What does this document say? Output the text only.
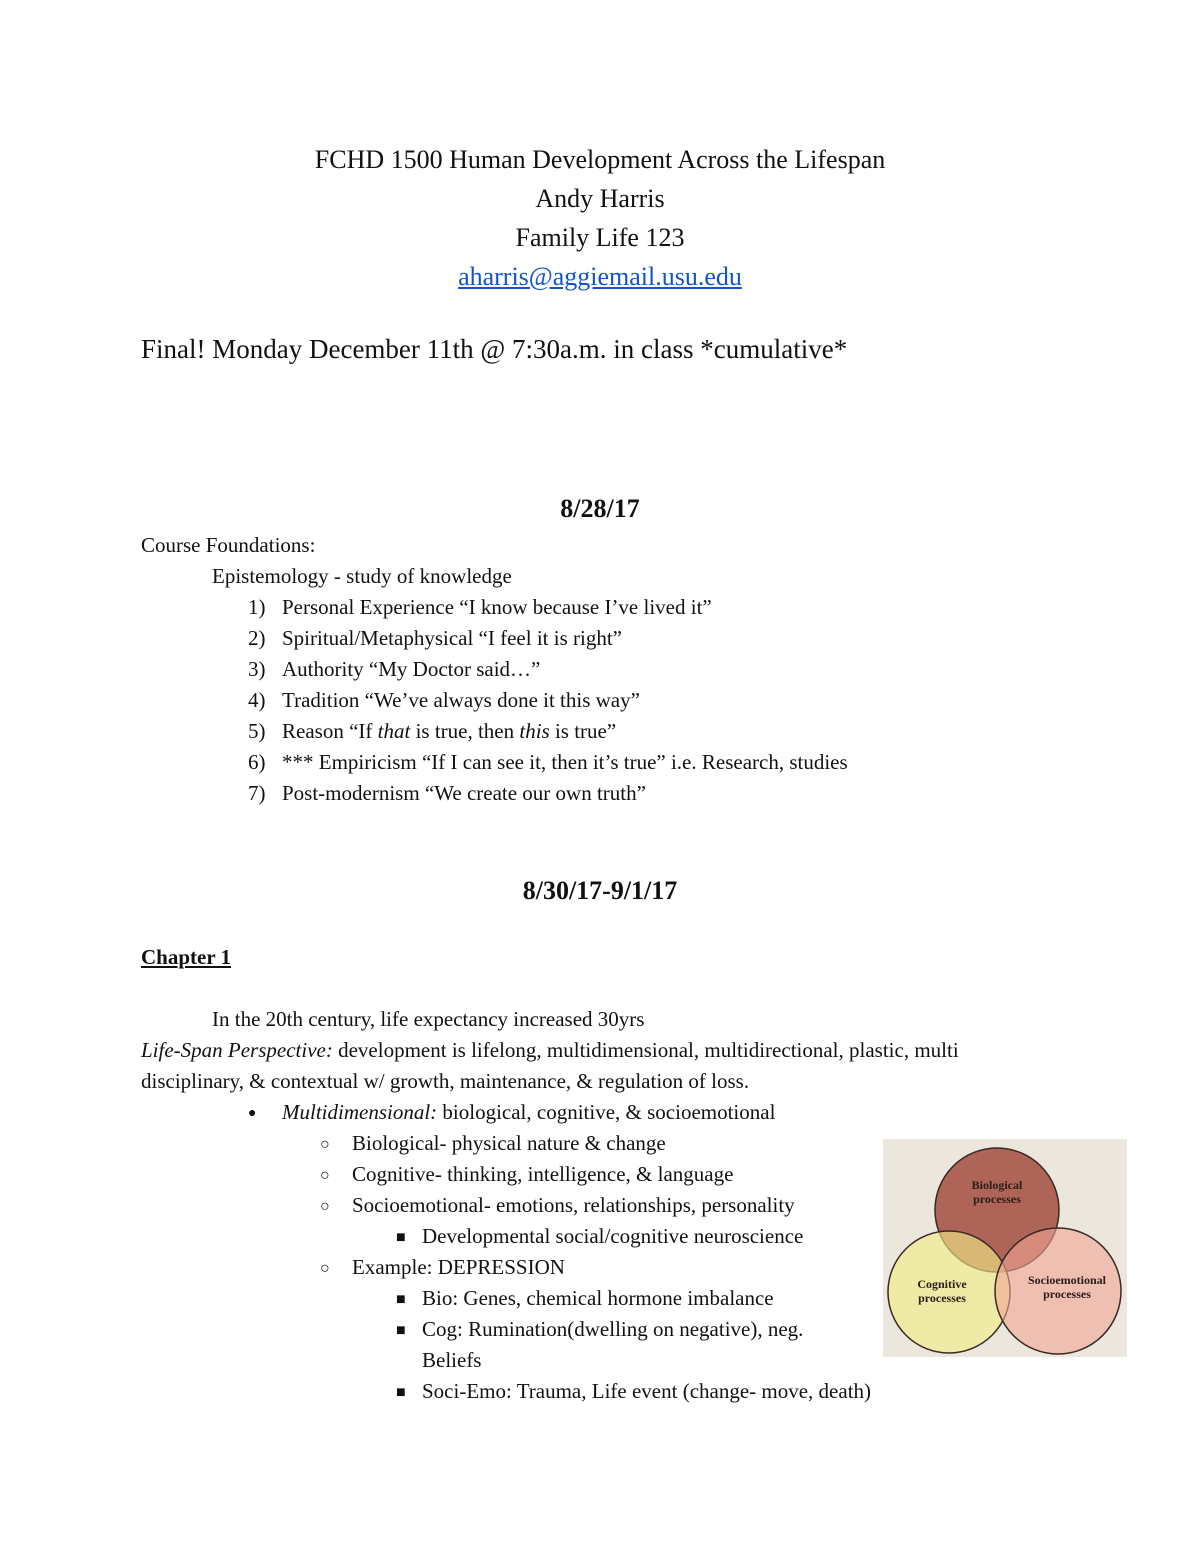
FCHD 1500 Human Development Across the Lifespan
Andy Harris
Family Life 123
aharris@aggiemail.usu.edu
Final! Monday December 11th @ 7:30a.m. in class *cumulative*
8/28/17
Course Foundations:
Epistemology - study of knowledge
1) Personal Experience “I know because I’ve lived it”
2) Spiritual/Metaphysical “I feel it is right”
3) Authority “My Doctor said…”
4) Tradition “We’ve always done it this way”
5) Reason “If that is true, then this is true”
6) *** Empiricism “If I can see it, then it’s true” i.e. Research, studies
7) Post-modernism “We create our own truth”
8/30/17-9/1/17
Chapter 1
In the 20th century, life expectancy increased 30yrs
Life-Span Perspective: development is lifelong, multidimensional, multidirectional, plastic, multi
disciplinary, & contextual w/ growth, maintenance, & regulation of loss.
● Multidimensional: biological, cognitive, & socioemotional
○ Biological- physical nature & change
○ Cognitive- thinking, intelligence, & language
○ Socioemotional- emotions, relationships, personality
■ Developmental social/cognitive neuroscience
○ Example: DEPRESSION
■ Bio: Genes, chemical hormone imbalance
■ Cog: Rumination(dwelling on negative), neg.
Beliefs
■ Soci-Emo: Trauma, Life event (change- move, death)
Biological
processes
Cognitive
processes
Socioemotional
processes
